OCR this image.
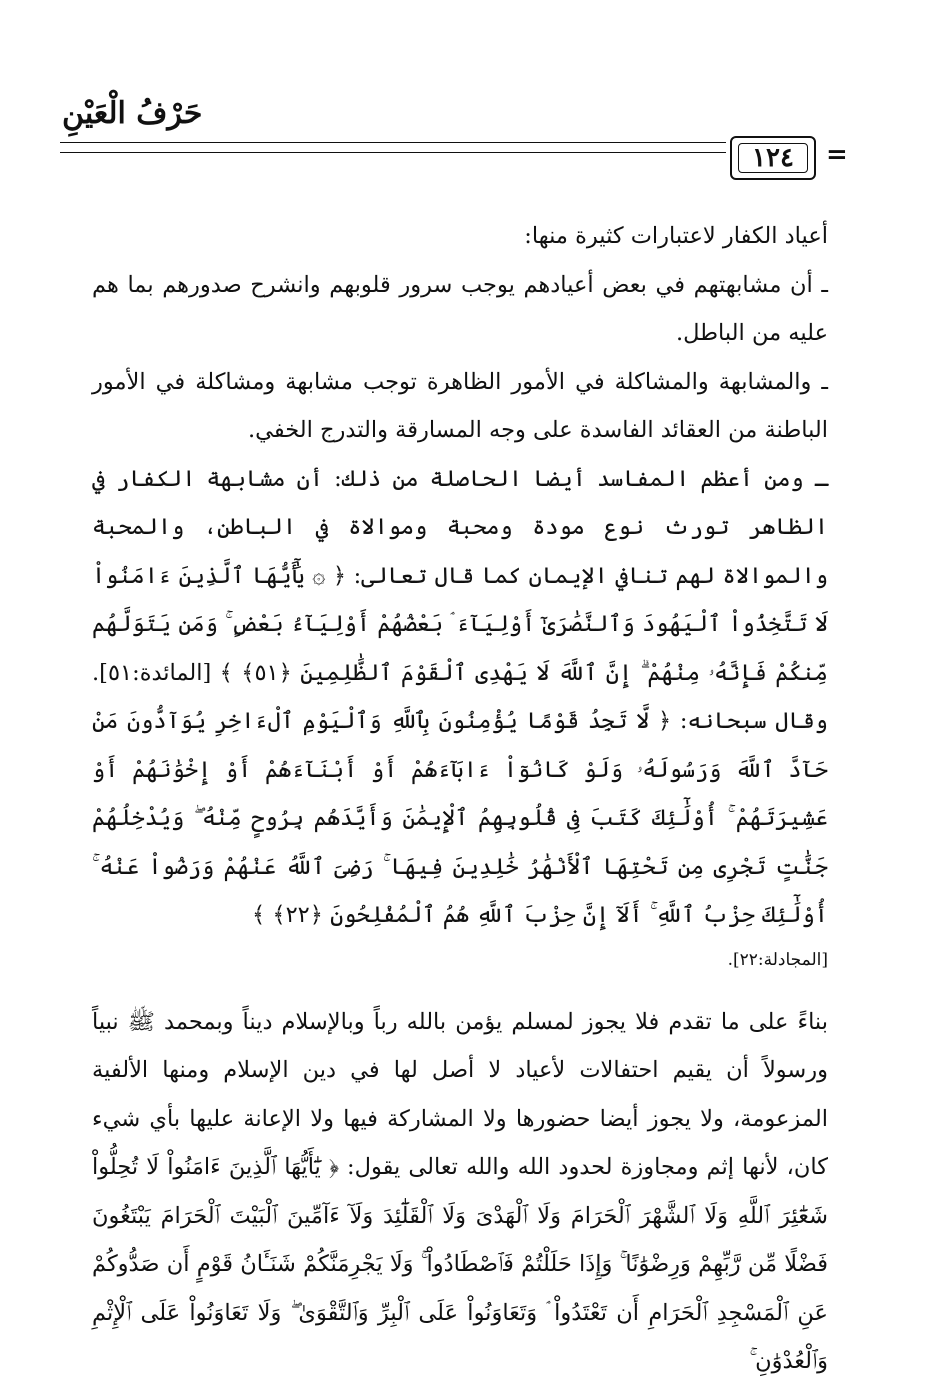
حَرْفُ الْعَيْنِ
١٢٤ =

أعياد الكفار لاعتبارات كثيرة منها:

ـ أن مشابهتهم في بعض أعيادهم يوجب سرور قلوبهم وانشرح صدورهم بما هم عليه من الباطل.

ـ والمشابهة والمشاكلة في الأمور الظاهرة توجب مشابهة ومشاكلة في الأمور الباطنة من العقائد الفاسدة على وجه المسارقة والتدرج الخفي.

ـ ومن أعظم المفاسد أيضا الحاصلة من ذلك: أن مشابهة الكفار في الظاهر تورث نوع مودة ومحبة وموالاة في الباطن، والمحبة والموالاة لهم تنافي الإيمان كما قال تعالى: ﴿ ۞ يَٰٓأَيُّهَا ٱلَّذِينَ ءَامَنُواْ لَا تَتَّخِذُواْ ٱلْيَهُودَ وَٱلنَّصَٰرَىٰٓ أَوْلِيَآءَ ۘ بَعْضُهُمْ أَوْلِيَآءُ بَعْضٍ ۚ وَمَن يَتَوَلَّهُم مِّنكُمْ فَإِنَّهُۥ مِنْهُمْ ۗ إِنَّ ٱللَّهَ لَا يَهْدِى ٱلْقَوْمَ ٱلظَّٰلِمِينَ ﴿٥١﴾ ﴾ [المائدة:٥١]. وقال سبحانه: ﴿ لَّا تَجِدُ قَوْمًا يُؤْمِنُونَ بِٱللَّهِ وَٱلْيَوْمِ ٱلْءَاخِرِ يُوَآدُّونَ مَنْ حَآدَّ ٱللَّهَ وَرَسُولَهُۥ وَلَوْ كَانُوٓاْ ءَابَآءَهُمْ أَوْ أَبْنَآءَهُمْ أَوْ إِخْوَٰنَهُمْ أَوْ عَشِيرَتَهُمْ ۚ أُوْلَٰٓئِكَ كَتَبَ فِى قُلُوبِهِمُ ٱلْإِيمَٰنَ وَأَيَّدَهُم بِرُوحٍ مِّنْهُ ۖ وَيُدْخِلُهُمْ جَنَّٰتٍ تَجْرِى مِن تَحْتِهَا ٱلْأَنْهَٰرُ خَٰلِدِينَ فِيهَا ۚ رَضِىَ ٱللَّهُ عَنْهُمْ وَرَضُواْ عَنْهُ ۚ أُوْلَٰٓئِكَ حِزْبُ ٱللَّهِ ۚ أَلَآ إِنَّ حِزْبَ ٱللَّهِ هُمُ ٱلْمُفْلِحُونَ ﴿٢٢﴾ ﴾

[المجادلة:٢٢].

بناءً على ما تقدم فلا يجوز لمسلم يؤمن بالله رباً وبالإسلام ديناً وبمحمد ﷺ نبياً ورسولاً أن يقيم احتفالات لأعياد لا أصل لها في دين الإسلام ومنها الألفية المزعومة، ولا يجوز أيضا حضورها ولا المشاركة فيها ولا الإعانة عليها بأي شيء كان، لأنها إثم ومجاوزة لحدود الله والله تعالى يقول: ﴿ يَٰٓأَيُّهَا ٱلَّذِينَ ءَامَنُواْ لَا تُحِلُّواْ شَعَٰٓئِرَ ٱللَّهِ وَلَا ٱلشَّهْرَ ٱلْحَرَامَ وَلَا ٱلْهَدْىَ وَلَا ٱلْقَلَٰٓئِدَ وَلَآ ءَآمِّينَ ٱلْبَيْتَ ٱلْحَرَامَ يَبْتَغُونَ فَضْلًا مِّن رَّبِّهِمْ وَرِضْوَٰنًا ۚ وَإِذَا حَلَلْتُمْ فَٱصْطَادُواْ ۚ وَلَا يَجْرِمَنَّكُمْ شَنَـَٔانُ قَوْمٍ أَن صَدُّوكُمْ عَنِ ٱلْمَسْجِدِ ٱلْحَرَامِ أَن تَعْتَدُواْ ۘ وَتَعَاوَنُواْ عَلَى ٱلْبِرِّ وَٱلتَّقْوَىٰ ۖ وَلَا تَعَاوَنُواْ عَلَى ٱلْإِثْمِ وَٱلْعُدْوَٰنِ ۚ
